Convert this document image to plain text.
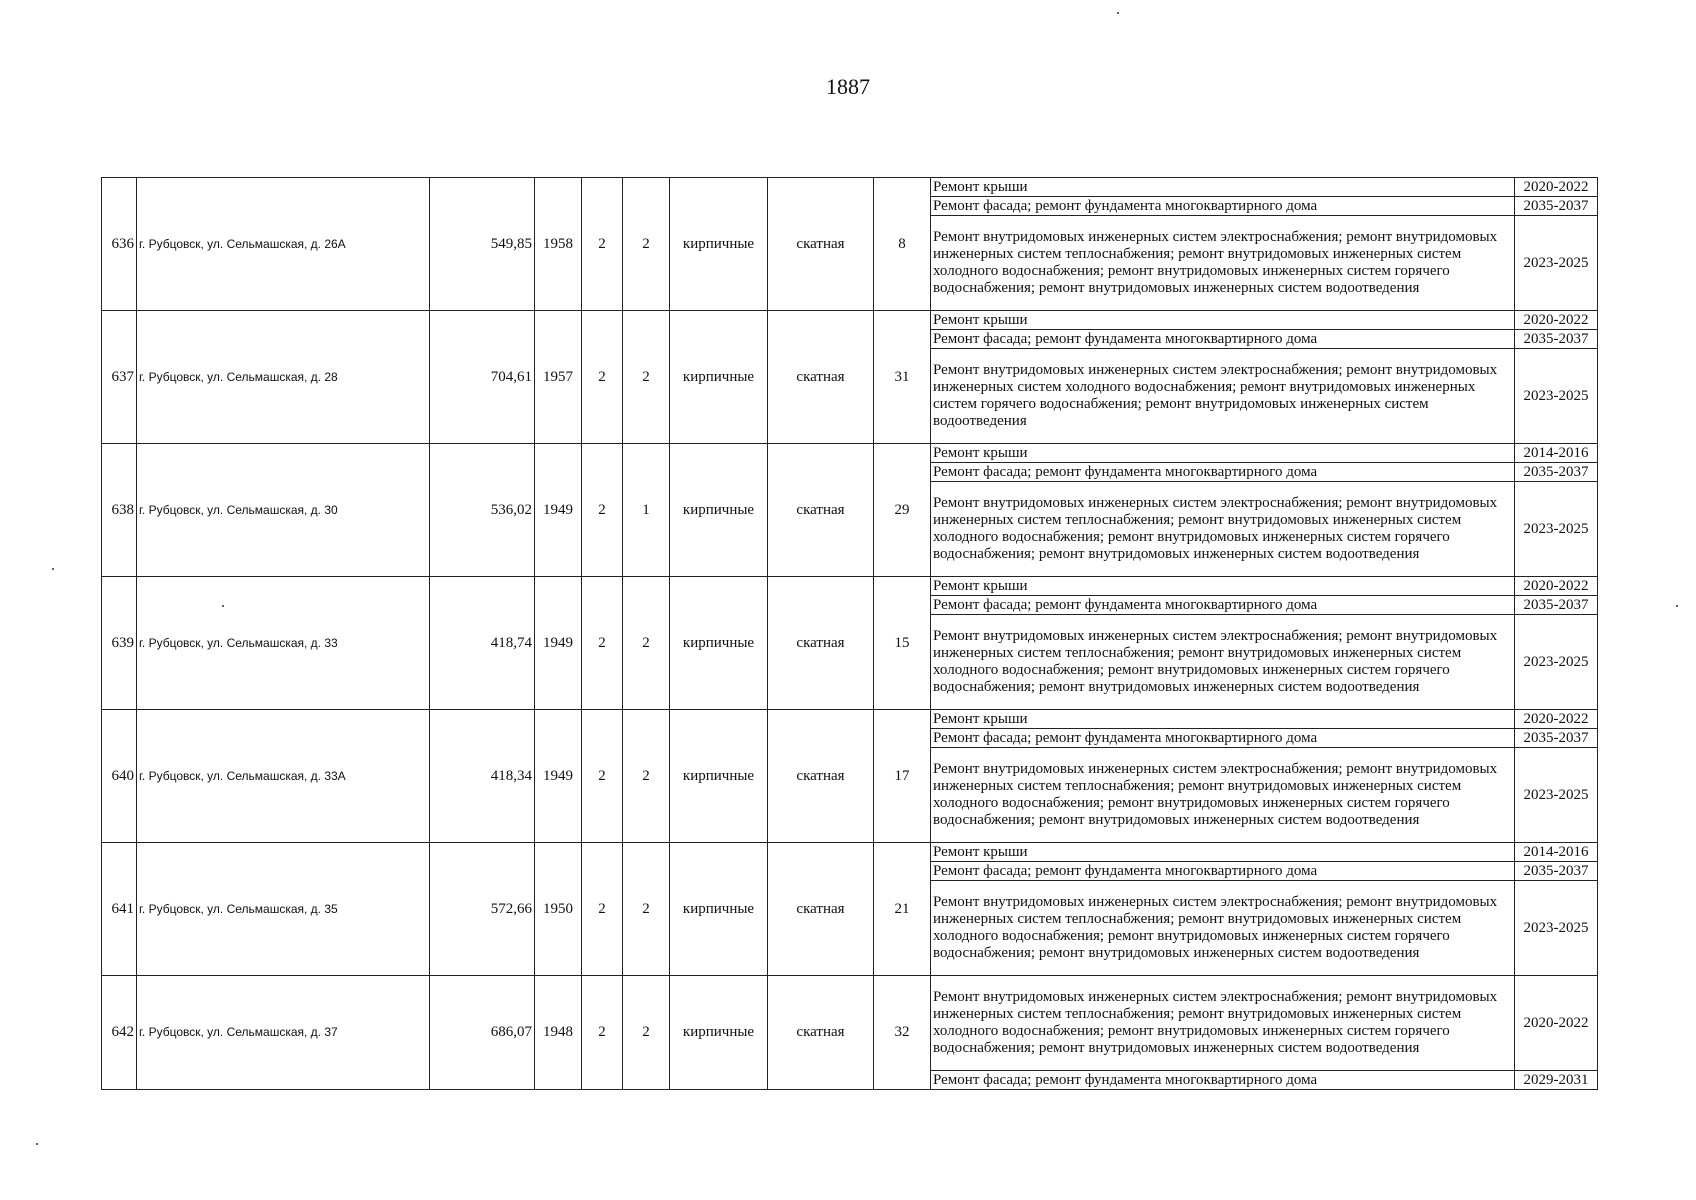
1887
636	г. Рубцовск, ул. Сельмашская, д. 26А	549,85	1958	2	2	кирпичные	скатная	8	Ремонт крыши	2020-2022
									Ремонт фасада; ремонт фундамента многоквартирного дома	2035-2037
									Ремонт внутридомовых инженерных систем электроснабжения; ремонт внутридомовых инженерных систем теплоснабжения; ремонт внутридомовых инженерных систем холодного водоснабжения; ремонт внутридомовых инженерных систем горячего водоснабжения; ремонт внутридомовых инженерных систем водоотведения	2023-2025
637	г. Рубцовск, ул. Сельмашская, д. 28	704,61	1957	2	2	кирпичные	скатная	31	Ремонт крыши	2020-2022
									Ремонт фасада; ремонт фундамента многоквартирного дома	2035-2037
									Ремонт внутридомовых инженерных систем электроснабжения; ремонт внутридомовых инженерных систем холодного водоснабжения; ремонт внутридомовых инженерных систем горячего водоснабжения; ремонт внутридомовых инженерных систем водоотведения	2023-2025
638	г. Рубцовск, ул. Сельмашская, д. 30	536,02	1949	2	1	кирпичные	скатная	29	Ремонт крыши	2014-2016
									Ремонт фасада; ремонт фундамента многоквартирного дома	2035-2037
									Ремонт внутридомовых инженерных систем электроснабжения; ремонт внутридомовых инженерных систем теплоснабжения; ремонт внутридомовых инженерных систем холодного водоснабжения; ремонт внутридомовых инженерных систем горячего водоснабжения; ремонт внутридомовых инженерных систем водоотведения	2023-2025
639	г. Рубцовск, ул. Сельмашская, д. 33	418,74	1949	2	2	кирпичные	скатная	15	Ремонт крыши	2020-2022
									Ремонт фасада; ремонт фундамента многоквартирного дома	2035-2037
									Ремонт внутридомовых инженерных систем электроснабжения; ремонт внутридомовых инженерных систем теплоснабжения; ремонт внутридомовых инженерных систем холодного водоснабжения; ремонт внутридомовых инженерных систем горячего водоснабжения; ремонт внутридомовых инженерных систем водоотведения	2023-2025
640	г. Рубцовск, ул. Сельмашская, д. 33А	418,34	1949	2	2	кирпичные	скатная	17	Ремонт крыши	2020-2022
									Ремонт фасада; ремонт фундамента многоквартирного дома	2035-2037
									Ремонт внутридомовых инженерных систем электроснабжения; ремонт внутридомовых инженерных систем теплоснабжения; ремонт внутридомовых инженерных систем холодного водоснабжения; ремонт внутридомовых инженерных систем горячего водоснабжения; ремонт внутридомовых инженерных систем водоотведения	2023-2025
641	г. Рубцовск, ул. Сельмашская, д. 35	572,66	1950	2	2	кирпичные	скатная	21	Ремонт крыши	2014-2016
									Ремонт фасада; ремонт фундамента многоквартирного дома	2035-2037
									Ремонт внутридомовых инженерных систем электроснабжения; ремонт внутридомовых инженерных систем теплоснабжения; ремонт внутридомовых инженерных систем холодного водоснабжения; ремонт внутридомовых инженерных систем горячего водоснабжения; ремонт внутридомовых инженерных систем водоотведения	2023-2025
642	г. Рубцовск, ул. Сельмашская, д. 37	686,07	1948	2	2	кирпичные	скатная	32	Ремонт внутридомовых инженерных систем электроснабжения; ремонт внутридомовых инженерных систем теплоснабжения; ремонт внутридомовых инженерных систем холодного водоснабжения; ремонт внутридомовых инженерных систем горячего водоснабжения; ремонт внутридомовых инженерных систем водоотведения	2020-2022
									Ремонт фасада; ремонт фундамента многоквартирного дома	2029-2031
